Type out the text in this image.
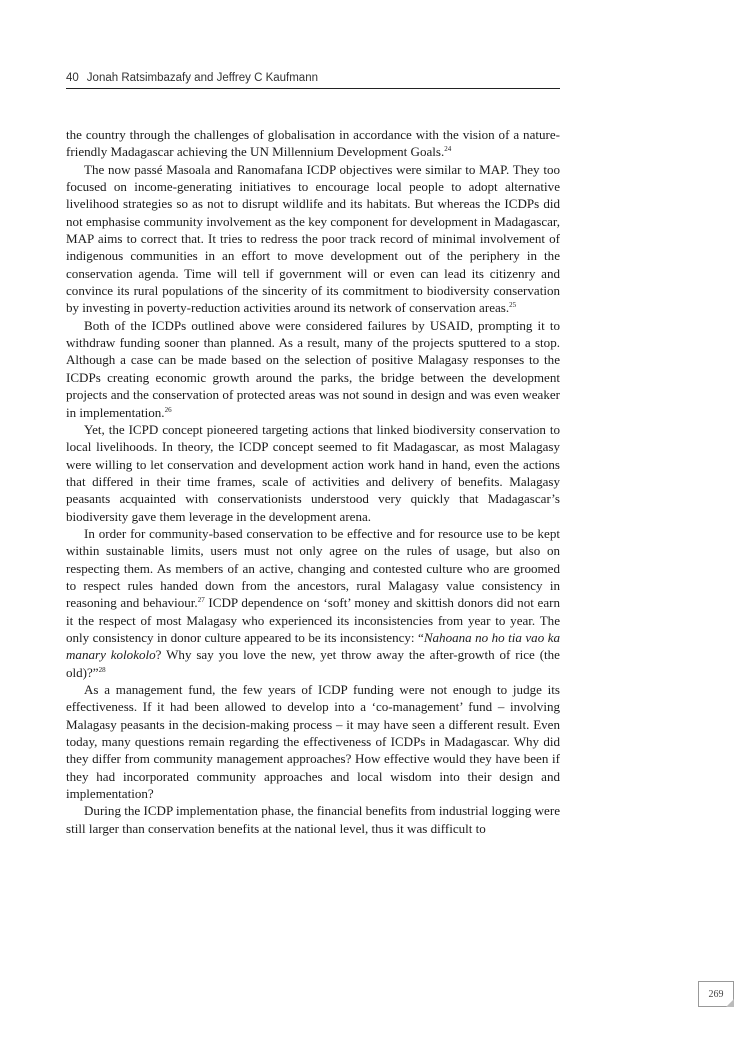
40 Jonah Ratsimbazafy and Jeffrey C Kaufmann

the country through the challenges of globalisation in accordance with the vision of a nature-friendly Madagascar achieving the UN Millennium Development Goals.$^{24}$

The now passé Masoala and Ranomafana ICDP objectives were similar to MAP. They too focused on income-generating initiatives to encourage local people to adopt alternative livelihood strategies so as not to disrupt wildlife and its habitats. But whereas the ICDPs did not emphasise community involvement as the key component for development in Madagascar, MAP aims to correct that. It tries to redress the poor track record of minimal involvement of indigenous communities in an effort to move development out of the periphery in the conservation agenda. Time will tell if government will or even can lead its citizenry and convince its rural populations of the sincerity of its commitment to biodiversity conservation by investing in poverty-reduction activities around its network of conservation areas.$^{25}$

Both of the ICDPs outlined above were considered failures by USAID, prompting it to withdraw funding sooner than planned. As a result, many of the projects sputtered to a stop. Although a case can be made based on the selection of positive Malagasy responses to the ICDPs creating economic growth around the parks, the bridge between the development projects and the conservation of protected areas was not sound in design and was even weaker in implementation.$^{26}$

Yet, the ICPD concept pioneered targeting actions that linked biodiversity conservation to local livelihoods. In theory, the ICDP concept seemed to fit Madagascar, as most Malagasy were willing to let conservation and development action work hand in hand, even the actions that differed in their time frames, scale of activities and delivery of benefits. Malagasy peasants acquainted with conservationists understood very quickly that Madagascar’s biodiversity gave them leverage in the development arena.

In order for community-based conservation to be effective and for resource use to be kept within sustainable limits, users must not only agree on the rules of usage, but also on respecting them. As members of an active, changing and contested culture who are groomed to respect rules handed down from the ancestors, rural Malagasy value consistency in reasoning and behaviour.$^{27}$ ICDP dependence on ‘soft’ money and skittish donors did not earn it the respect of most Malagasy who experienced its inconsistencies from year to year. The only consistency in donor culture appeared to be its inconsistency: “Nahoana no ho tia vao ka manary kolokolo? Why say you love the new, yet throw away the after-growth of rice (the old)?”$^{28}$

As a management fund, the few years of ICDP funding were not enough to judge its effectiveness. If it had been allowed to develop into a ‘co-management’ fund – involving Malagasy peasants in the decision-making process – it may have seen a different result. Even today, many questions remain regarding the effectiveness of ICDPs in Madagascar. Why did they differ from community management approaches? How effective would they have been if they had incorporated community approaches and local wisdom into their design and implementation?

During the ICDP implementation phase, the financial benefits from industrial logging were still larger than conservation benefits at the national level, thus it was difficult to

269
